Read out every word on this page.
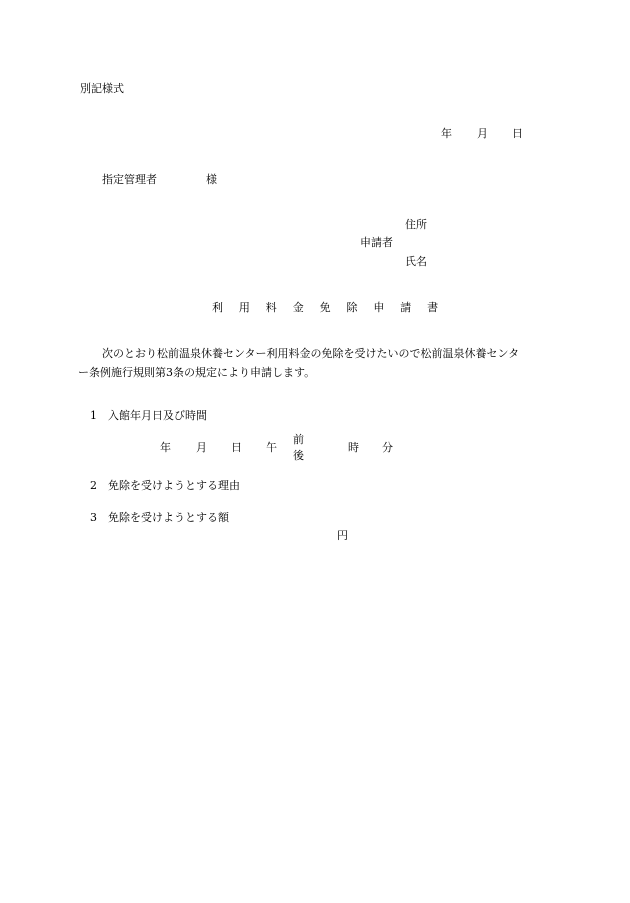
別記様式
年 月 日
指定管理者	様
住所
申請者
氏名
利 用 料 金 免 除 申 請 書
次のとおり松前温泉休養センター利用料金の免除を受けたいので松前温泉休養センタ
ー条例施行規則第3条の規定により申請します。
1 入館年月日及び時間
年 月 日 午
前
後
時 分
2 免除を受けようとする理由
3 免除を受けようとする額
円
